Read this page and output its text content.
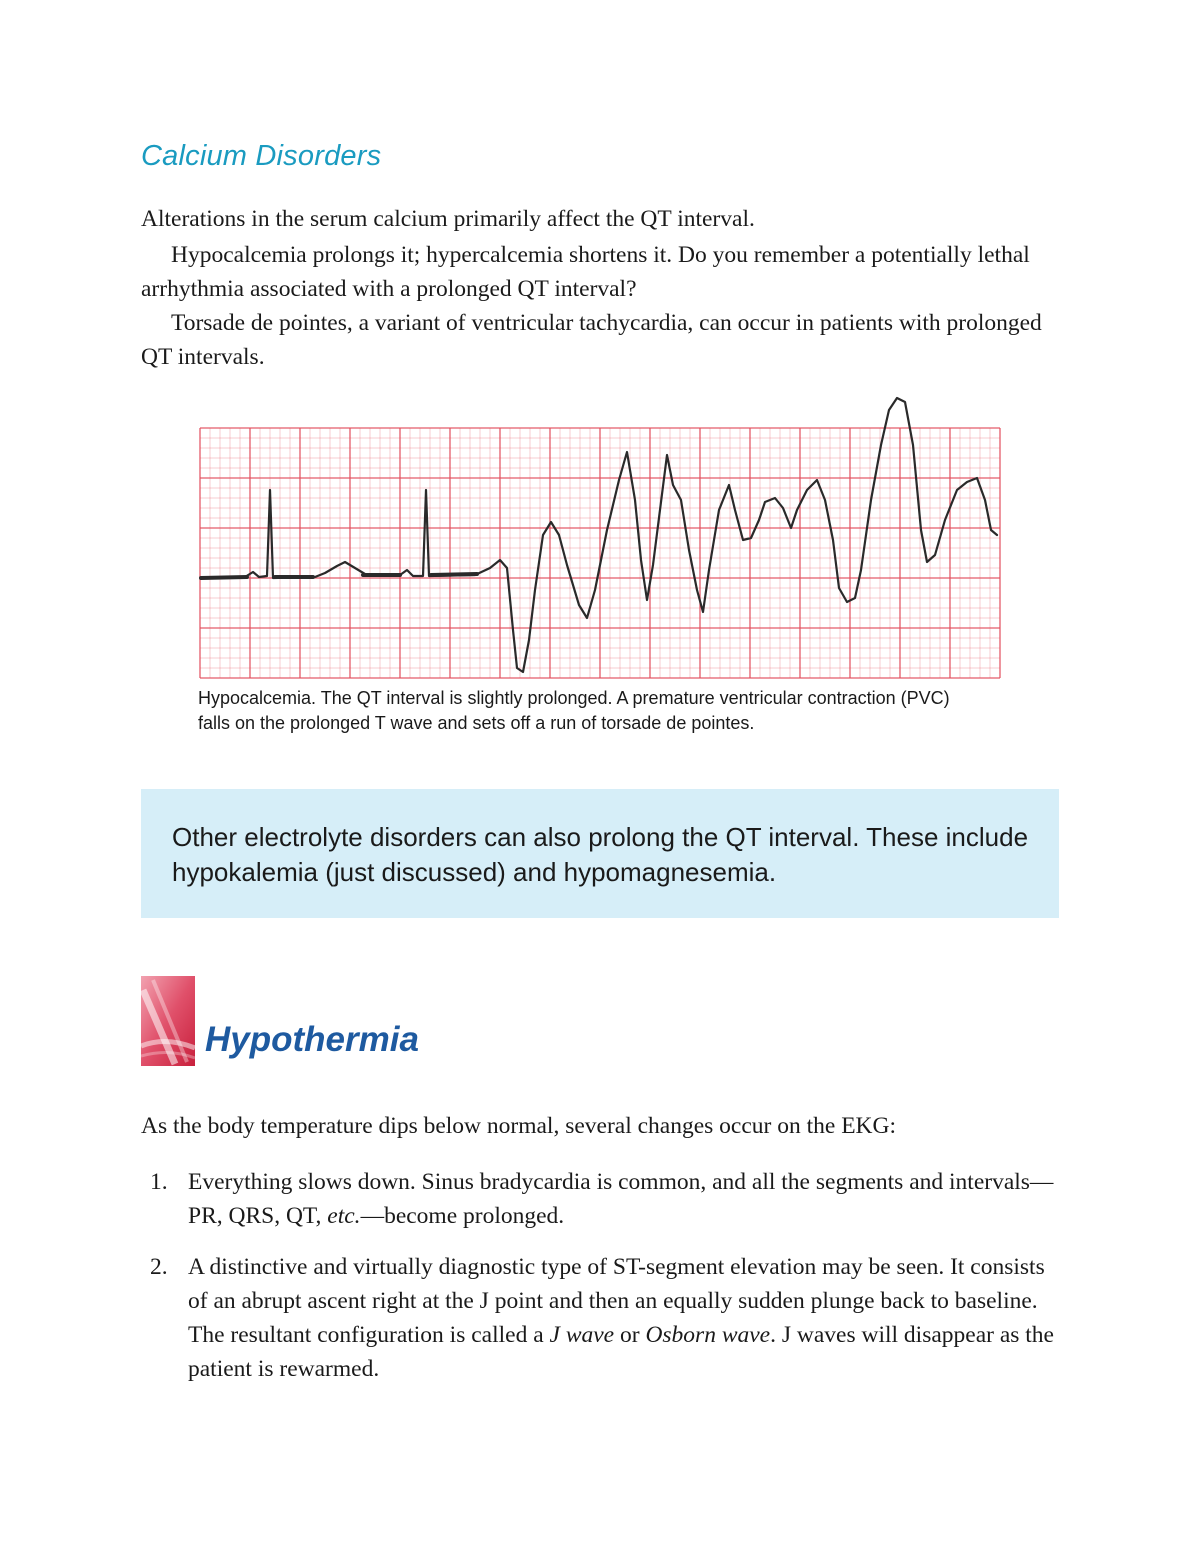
Calcium Disorders
Alterations in the serum calcium primarily affect the QT interval.
Hypocalcemia prolongs it; hypercalcemia shortens it. Do you remember a potentially lethal arrhythmia associated with a prolonged QT interval?
Torsade de pointes, a variant of ventricular tachycardia, can occur in patients with prolonged QT intervals.
Hypocalcemia. The QT interval is slightly prolonged. A premature ventricular contraction (PVC) falls on the prolonged T wave and sets off a run of torsade de pointes.
Other electrolyte disorders can also prolong the QT interval. These include hypokalemia (just discussed) and hypomagnesemia.
Hypothermia
As the body temperature dips below normal, several changes occur on the EKG:
1. Everything slows down. Sinus bradycardia is common, and all the segments and intervals—PR, QRS, QT, etc.—become prolonged.
2. A distinctive and virtually diagnostic type of ST-segment elevation may be seen. It consists of an abrupt ascent right at the J point and then an equally sudden plunge back to baseline. The resultant configuration is called a J wave or Osborn wave. J waves will disappear as the patient is rewarmed.
